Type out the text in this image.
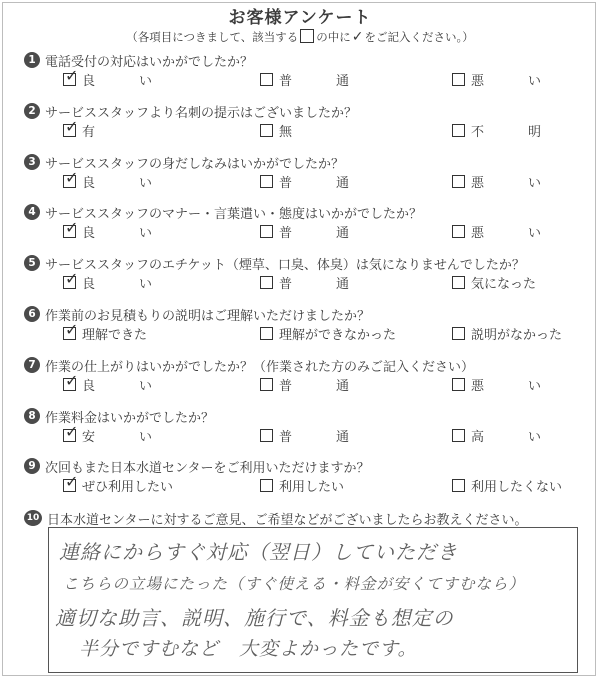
お客様アンケート
（各項目につきまして、該当する の中に✓をご記入ください。）
1 電話受付の対応はいかがでしたか？
✓ 良	い	普	通	悪	い
2 サービススタッフより名刺の提示はございましたか？
✓ 有	無	不	明
3 サービススタッフの身だしなみはいかがでしたか？
✓ 良	い	普	通	悪	い
4 サービススタッフのマナー・言葉遣い・態度はいかがでしたか？
✓ 良	い	普	通	悪	い
5 サービススタッフのエチケット（煙草、口臭、体臭）は気になりませんでしたか？
✓ 良	い	普	通	気になった
6 作業前のお見積もりの説明はご理解いただけましたか？
✓ 理解できた	理解ができなかった	説明がなかった
7 作業の仕上がりはいかがでしたか？（作業された方のみご記入ください）
✓ 良	い	普	通	悪	い
8 作業料金はいかがでしたか？
✓ 安	い	普	通	高	い
9 次回もまた日本水道センターをご利用いただけますか？
✓ ぜひ利用したい	利用したい	利用したくない
10 日本水道センターに対するご意見、ご希望などがございましたらお教えください。
連絡にからすぐ対応（翌日）していただき
こちらの立場にたった（すぐ使える・料金が安くてすむなら）
適切な助言、説明、施行で、料金も想定の
半分ですむなど　大変よかったです。
